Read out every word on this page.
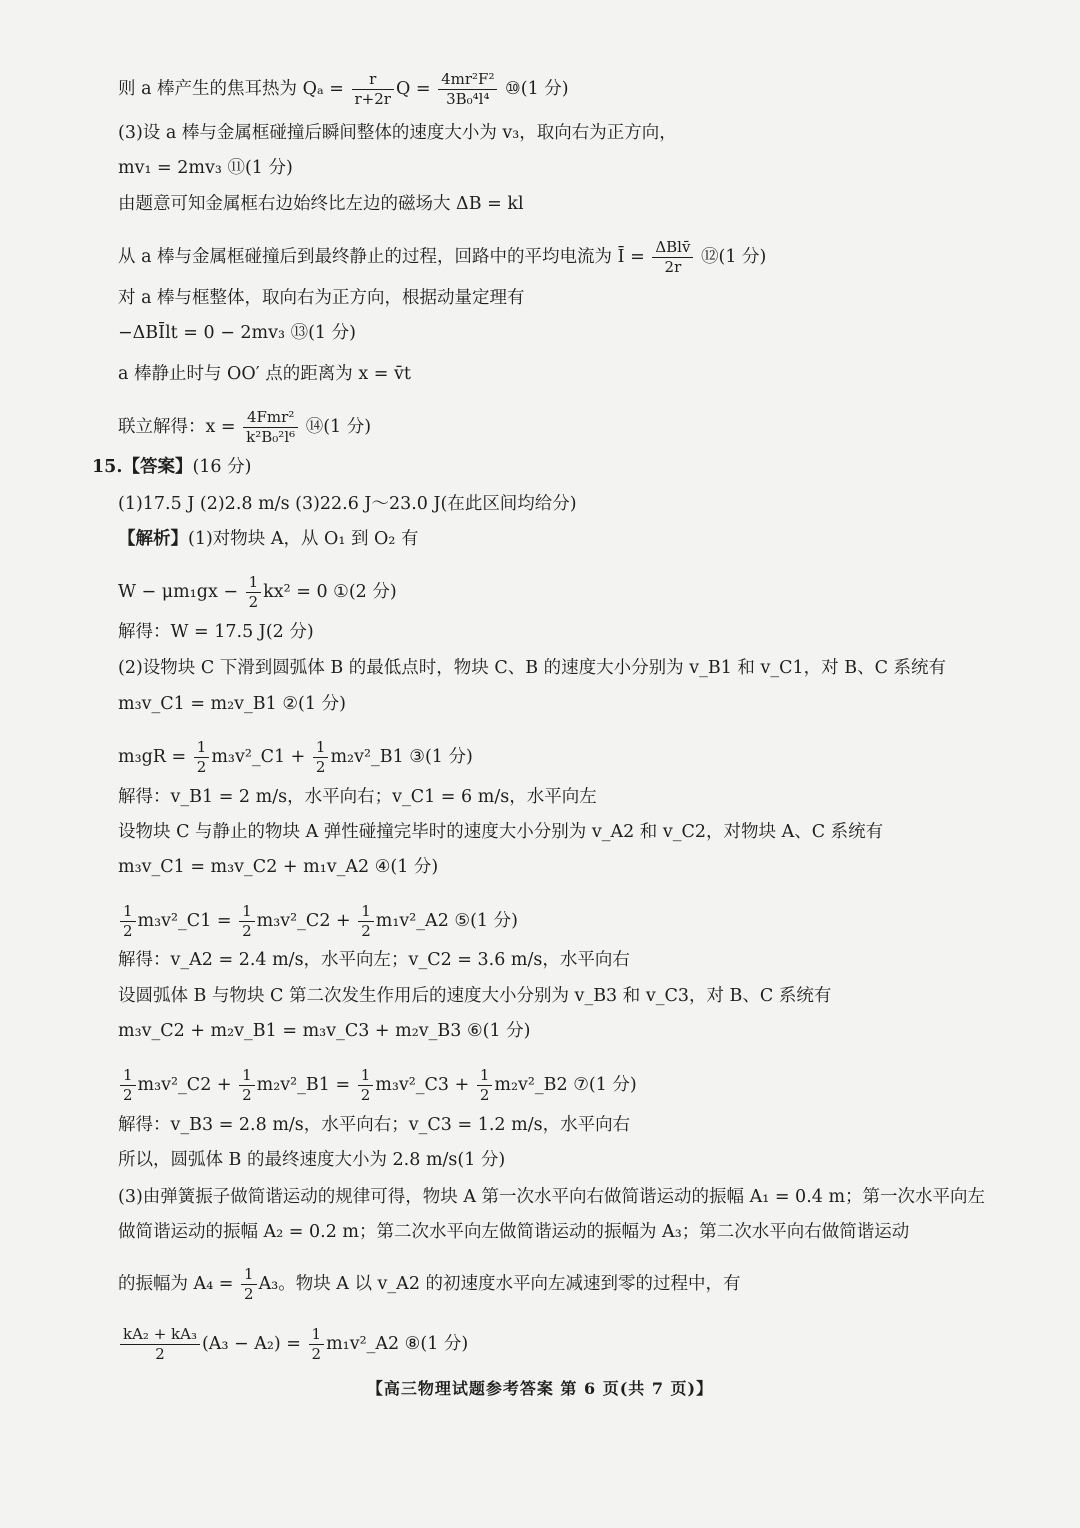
则 a 棒产生的焦耳热为 $Q_a = \frac{r}{r+2r}$ $Q = \frac{\text{4mr²F²}}{\text{3B₀⁴l⁴}}$ ⑩(1 分)
(3)设 a 棒与金属框碰撞后瞬间整体的速度大小为 v₃，取向右为正方向，
mv₁ = 2mv₃ ⑪(1 分)
由题意可知金属框右边始终比左边的磁场大 ΔB = kl
从 a 棒与金属框碰撞后到最终静止的过程，回路中的平均电流为 Ī = ΔBlv̄
2r ⑫(1 分)
对 a 棒与框整体，取向右为正方向，根据动量定理有
−ΔBĪlt = 0 − 2mv₃ ⑬(1 分)
a 棒静止时与 OO′ 点的距离为 x = v̄t
联立解得：x = 4Fmr²
k²B₀²l⁶ ⑭(1 分)
15.【答案】(16 分)
(1)17.5 J (2)2.8 m/s (3)22.6 J～23.0 J(在此区间均给分)
【解析】(1)对物块 A，从 O₁ 到 O₂ 有
$W - \mu m_1gx - \frac{1}{2} kx^2 = 0$ ①(2 分)
解得：W = 17.5 J(2 分)
(2)设物块 C 下滑到圆弧体 B 的最低点时，物块 C、B 的速度大小分别为 v_B1 和 v_C1，对 B、C 系统有
m₃v_C1 = m₂v_B1 ②(1 分)
$m_3gR = \frac{1}{2}$ m₃v²_C1 + $\frac{1}{2}$ m₂v²_B1 ③(1 分)
解得：v_B1 = 2 m/s，水平向右；v_C1 = 6 m/s，水平向左
设物块 C 与静止的物块 A 弹性碰撞完毕时的速度大小分别为 v_A2 和 v_C2，对物块 A、C 系统有
m₃v_C1 = m₃v_C2 + m₁v_A2 ④(1 分)
$\frac{1}{2}$ m₃v²_C1 = $\frac{1}{2}$ m₃v²_C2 + $\frac{1}{2}$ m₁v²_A2 ⑤(1 分)
解得：v_A2 = 2.4 m/s，水平向左；v_C2 = 3.6 m/s，水平向右
设圆弧体 B 与物块 C 第二次发生作用后的速度大小分别为 v_B3 和 v_C3，对 B、C 系统有
m₃v_C2 + m₂v_B1 = m₃v_C3 + m₂v_B3 ⑥(1 分)
$\frac{1}{2}$ m₃v²_C2 + $\frac{1}{2}$ m₂v²_B1 = $\frac{1}{2}$ m₃v²_C3 + $\frac{1}{2}$ m₂v²_B2 ⑦(1 分)
解得：v_B3 = 2.8 m/s，水平向右；v_C3 = 1.2 m/s，水平向右
所以，圆弧体 B 的最终速度大小为 2.8 m/s(1 分)
(3)由弹簧振子做简谐运动的规律可得，物块 A 第一次水平向右做简谐运动的振幅 A₁ = 0.4 m；第一次水平向左做简谐运动的振幅 A₂ = 0.2 m；第二次水平向左做简谐运动的振幅为 A₃；第二次水平向右做简谐运动
的振幅为 $A_4 = \frac{1}{2} A_3$。物块 A 以 v_A2 的初速度水平向左减速到零的过程中，有
$\frac{\text{kA₂ + kA₃}}{2} (A_3 - A_2) = \frac{1}{2}$ m₁v²_A2 ⑧(1 分)
【高三物理试题参考答案 第 6 页(共 7 页)】
